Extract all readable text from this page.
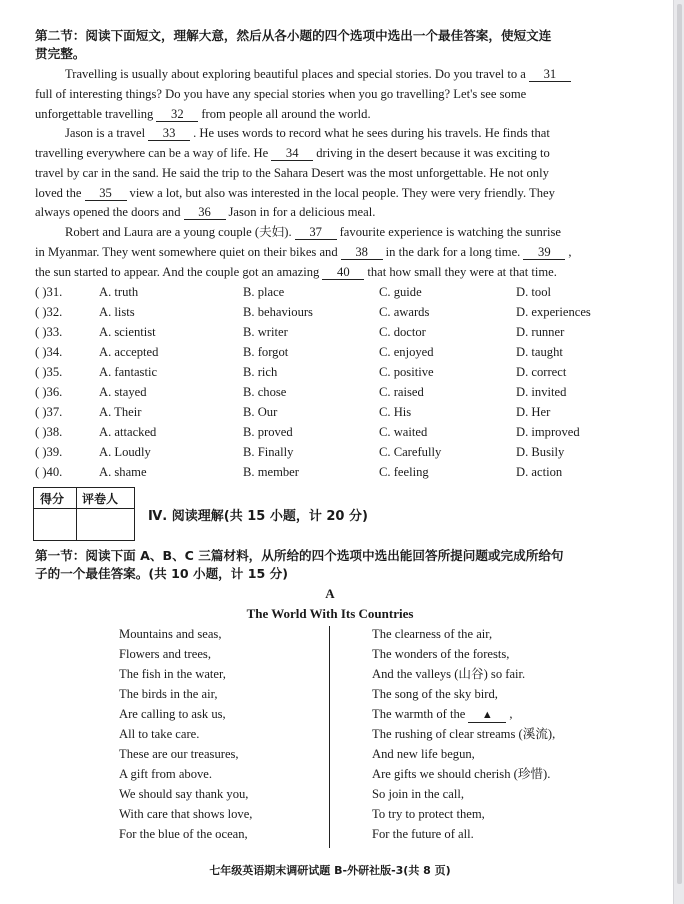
第二节：阅读下面短文，理解大意，然后从各小题的四个选项中选出一个最佳答案，使短文连
贯完整。
Travelling is usually about exploring beautiful places and special stories. Do you travel to a 31
full of interesting things? Do you have any special stories when you go travelling? Let's see some
unforgettable travelling 32 from people all around the world.
Jason is a travel 33 . He uses words to record what he sees during his travels. He finds that
travelling everywhere can be a way of life. He 34 driving in the desert because it was exciting to
travel by car in the sand. He said the trip to the Sahara Desert was the most unforgettable. He not only
loved the 35 view a lot, but also was interested in the local people. They were very friendly. They
always opened the doors and 36 Jason in for a delicious meal.
Robert and Laura are a young couple (夫妇). 37 favourite experience is watching the sunrise
in Myanmar. They went somewhere quiet on their bikes and 38 in the dark for a long time. 39 ,
the sun started to appear. And the couple got an amazing 40 that how small they were at that time.
( )31.	A. truth	B. place	C. guide	D. tool
( )32.	A. lists	B. behaviours	C. awards	D. experiences
( )33.	A. scientist	B. writer	C. doctor	D. runner
( )34.	A. accepted	B. forgot	C. enjoyed	D. taught
( )35.	A. fantastic	B. rich	C. positive	D. correct
( )36.	A. stayed	B. chose	C. raised	D. invited
( )37.	A. Their	B. Our	C. His	D. Her
( )38.	A. attacked	B. proved	C. waited	D. improved
( )39.	A. Loudly	B. Finally	C. Carefully	D. Busily
( )40.	A. shame	B. member	C. feeling	D. action
得分 评卷人
Ⅳ. 阅读理解(共 15 小题，计 20 分)
第一节：阅读下面 A、B、C 三篇材料，从所给的四个选项中选出能回答所提问题或完成所给句
子的一个最佳答案。(共 10 小题，计 15 分)
A
The World With Its Countries
Mountains and seas,
Flowers and trees,
The fish in the water,
The birds in the air,
Are calling to ask us,
All to take care.
These are our treasures,
A gift from above.
We should say thank you,
With care that shows love,
For the blue of the ocean,
The clearness of the air,
The wonders of the forests,
And the valleys (山谷) so fair.
The song of the sky bird,
The warmth of the ▲ ,
The rushing of clear streams (溪流),
And new life begun,
Are gifts we should cherish (珍惜).
So join in the call,
To try to protect them,
For the future of all.
七年级英语期末调研试题 B-外研社版-3(共 8 页)
